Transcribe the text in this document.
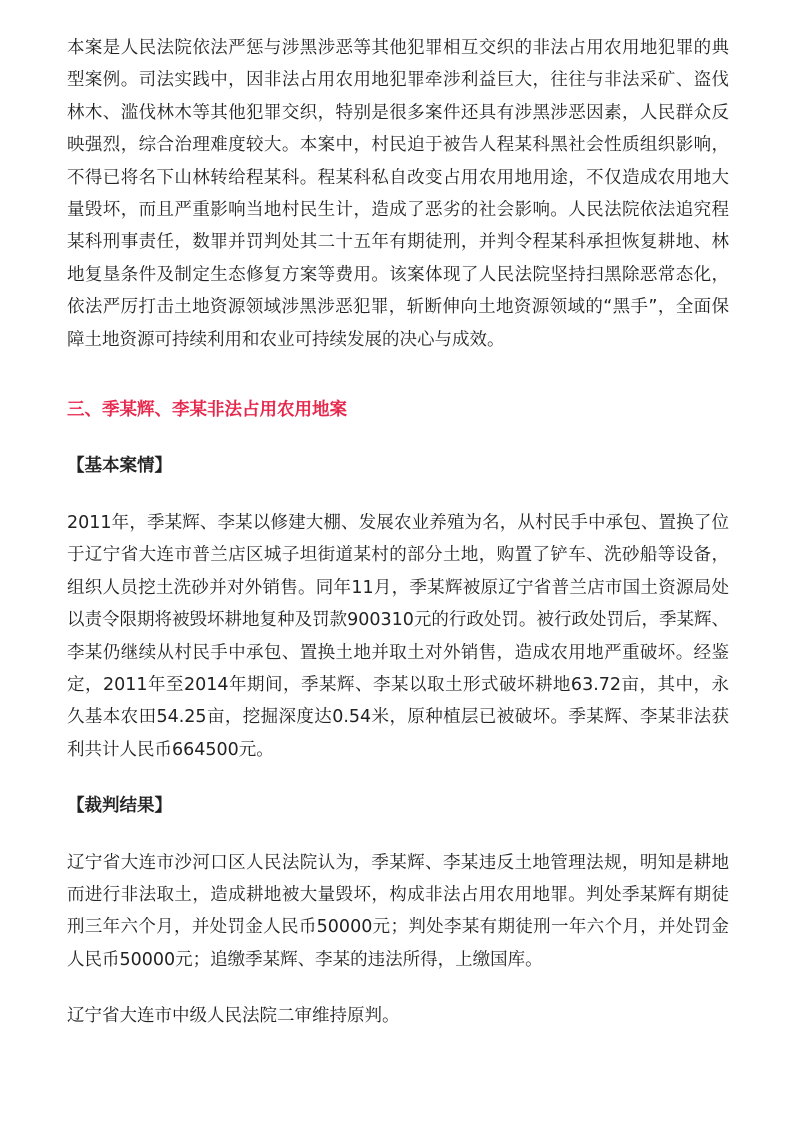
本案是人民法院依法严惩与涉黑涉恶等其他犯罪相互交织的非法占用农用地犯罪的典型案例。司法实践中，因非法占用农用地犯罪牵涉利益巨大，往往与非法采矿、盗伐林木、滥伐林木等其他犯罪交织，特别是很多案件还具有涉黑涉恶因素，人民群众反映强烈，综合治理难度较大。本案中，村民迫于被告人程某科黑社会性质组织影响，不得已将名下山林转给程某科。程某科私自改变占用农用地用途，不仅造成农用地大量毁坏，而且严重影响当地村民生计，造成了恶劣的社会影响。人民法院依法追究程某科刑事责任，数罪并罚判处其二十五年有期徒刑，并判令程某科承担恢复耕地、林地复垦条件及制定生态修复方案等费用。该案体现了人民法院坚持扫黑除恶常态化，依法严厉打击土地资源领域涉黑涉恶犯罪，斩断伸向土地资源领域的“黑手”，全面保障土地资源可持续利用和农业可持续发展的决心与成效。

三、季某辉、李某非法占用农用地案

【基本案情】

2011年，季某辉、李某以修建大棚、发展农业养殖为名，从村民手中承包、置换了位于辽宁省大连市普兰店区城子坦街道某村的部分土地，购置了铲车、洗砂船等设备，组织人员挖土洗砂并对外销售。同年11月，季某辉被原辽宁省普兰店市国土资源局处以责令限期将被毁坏耕地复种及罚款900310元的行政处罚。被行政处罚后，季某辉、李某仍继续从村民手中承包、置换土地并取土对外销售，造成农用地严重破坏。经鉴定，2011年至2014年期间，季某辉、李某以取土形式破坏耕地63.72亩，其中，永久基本农田54.25亩，挖掘深度达0.54米，原种植层已被破坏。季某辉、李某非法获利共计人民币664500元。

【裁判结果】

辽宁省大连市沙河口区人民法院认为，季某辉、李某违反土地管理法规，明知是耕地而进行非法取土，造成耕地被大量毁坏，构成非法占用农用地罪。判处季某辉有期徒刑三年六个月，并处罚金人民币50000元；判处李某有期徒刑一年六个月，并处罚金人民币50000元；追缴季某辉、李某的违法所得，上缴国库。

辽宁省大连市中级人民法院二审维持原判。
